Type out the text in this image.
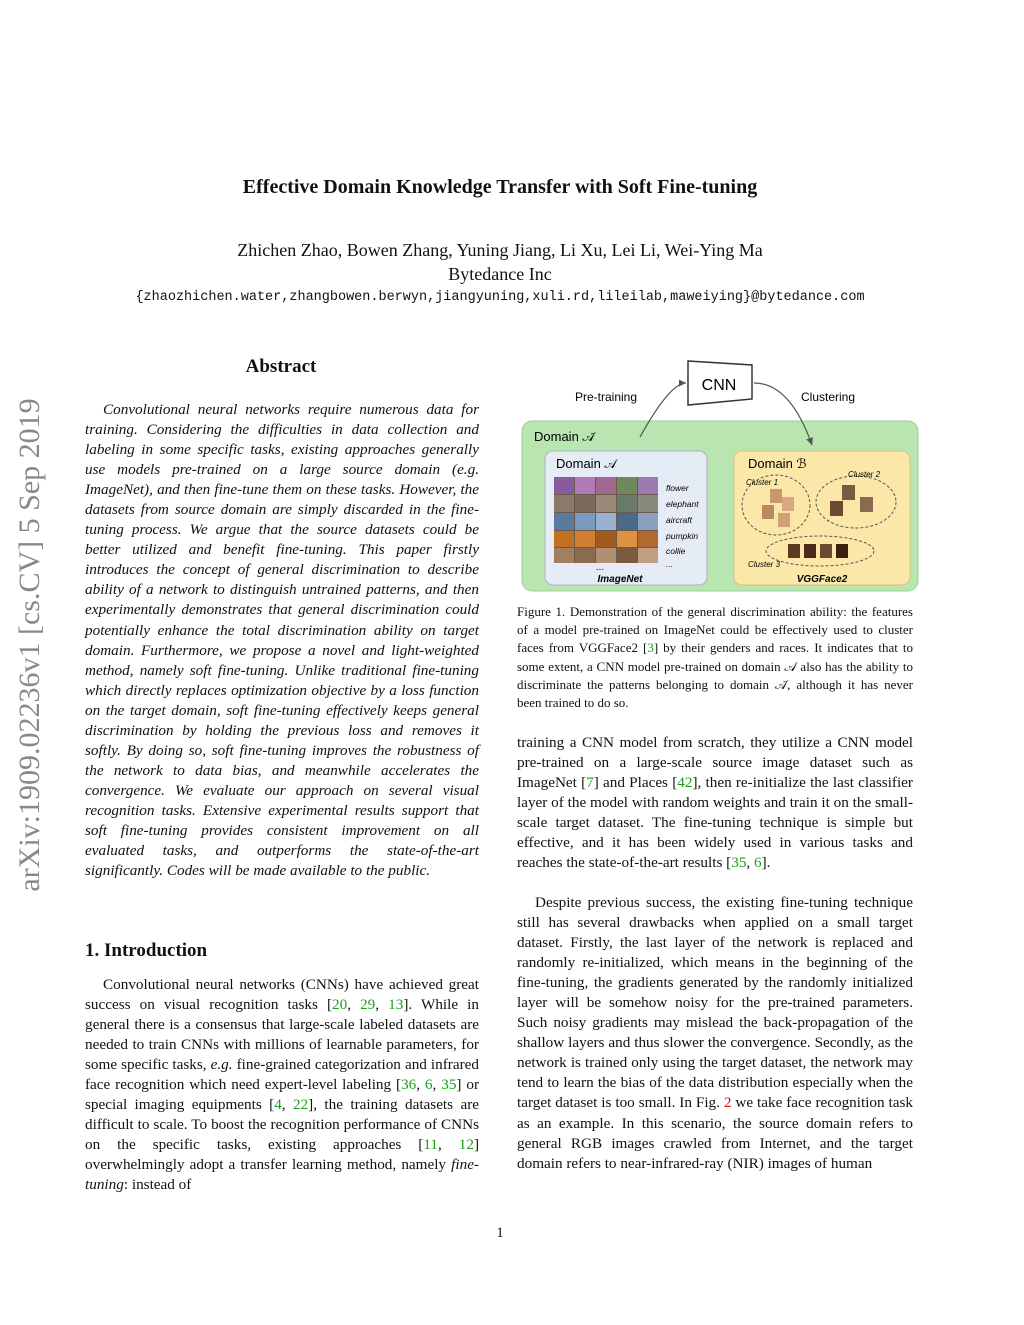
Effective Domain Knowledge Transfer with Soft Fine-tuning
Zhichen Zhao, Bowen Zhang, Yuning Jiang, Li Xu, Lei Li, Wei-Ying Ma
Bytedance Inc
{zhaozhichen.water,zhangbowen.berwyn,jiangyuning,xuli.rd,lileilab,maweiying}@bytedance.com
arXiv:1909.02236v1 [cs.CV] 5 Sep 2019
Abstract
Convolutional neural networks require numerous data for training. Considering the difficulties in data collection and labeling in some specific tasks, existing approaches generally use models pre-trained on a large source domain (e.g. ImageNet), and then fine-tune them on these tasks. However, the datasets from source domain are simply discarded in the fine-tuning process. We argue that the source datasets could be better utilized and benefit fine-tuning. This paper firstly introduces the concept of general discrimination to describe ability of a network to distinguish untrained patterns, and then experimentally demonstrates that general discrimination could potentially enhance the total discrimination ability on target domain. Furthermore, we propose a novel and light-weighted method, namely soft fine-tuning. Unlike traditional fine-tuning which directly replaces optimization objective by a loss function on the target domain, soft fine-tuning effectively keeps general discrimination by holding the previous loss and removes it softly. By doing so, soft fine-tuning improves the robustness of the network to data bias, and meanwhile accelerates the convergence. We evaluate our approach on several visual recognition tasks. Extensive experimental results support that soft fine-tuning provides consistent improvement on all evaluated tasks, and outperforms the state-of-the-art significantly. Codes will be made available to the public.
1. Introduction
Convolutional neural networks (CNNs) have achieved great success on visual recognition tasks [20, 29, 13]. While in general there is a consensus that large-scale labeled datasets are needed to train CNNs with millions of learnable parameters, for some specific tasks, e.g. fine-grained categorization and infrared face recognition which need expert-level labeling [36, 6, 35] or special imaging equipments [4, 22], the training datasets are difficult to scale. To boost the recognition performance of CNNs on the specific tasks, existing approaches [11, 12] overwhelmingly adopt a transfer learning method, namely fine-tuning: instead of
CNN
Pre-training	Clustering
Domain 𝒜̄
Domain 𝒜
...
flower
elephant
aircraft
pumpkin
collie
...
ImageNet
Domain ℬ
Cluster 1
Cluster 2
Cluster 3
VGGFace2
Figure 1. Demonstration of the general discrimination ability: the features of a model pre-trained on ImageNet could be effectively used to cluster faces from VGGFace2 [3] by their genders and races. It indicates that to some extent, a CNN model pre-trained on domain 𝒜 also has the ability to discriminate the patterns belonging to domain 𝒜̄, although it has never been trained to do so.
training a CNN model from scratch, they utilize a CNN model pre-trained on a large-scale source image dataset such as ImageNet [7] and Places [42], then re-initialize the last classifier layer of the model with random weights and train it on the small-scale target dataset. The fine-tuning technique is simple but effective, and it has been widely used in various tasks and reaches the state-of-the-art results [35, 6].
Despite previous success, the existing fine-tuning technique still has several drawbacks when applied on a small target dataset. Firstly, the last layer of the network is replaced and randomly re-initialized, which means in the beginning of the fine-tuning, the gradients generated by the randomly initialized layer will be somehow noisy for the pre-trained parameters. Such noisy gradients may mislead the back-propagation of the shallow layers and thus slower the convergence. Secondly, as the network is trained only using the target dataset, the network may tend to learn the bias of the data distribution especially when the target dataset is too small. In Fig. 2 we take face recognition task as an example. In this scenario, the source domain refers to general RGB images crawled from Internet, and the target domain refers to near-infrared-ray (NIR) images of human
1
